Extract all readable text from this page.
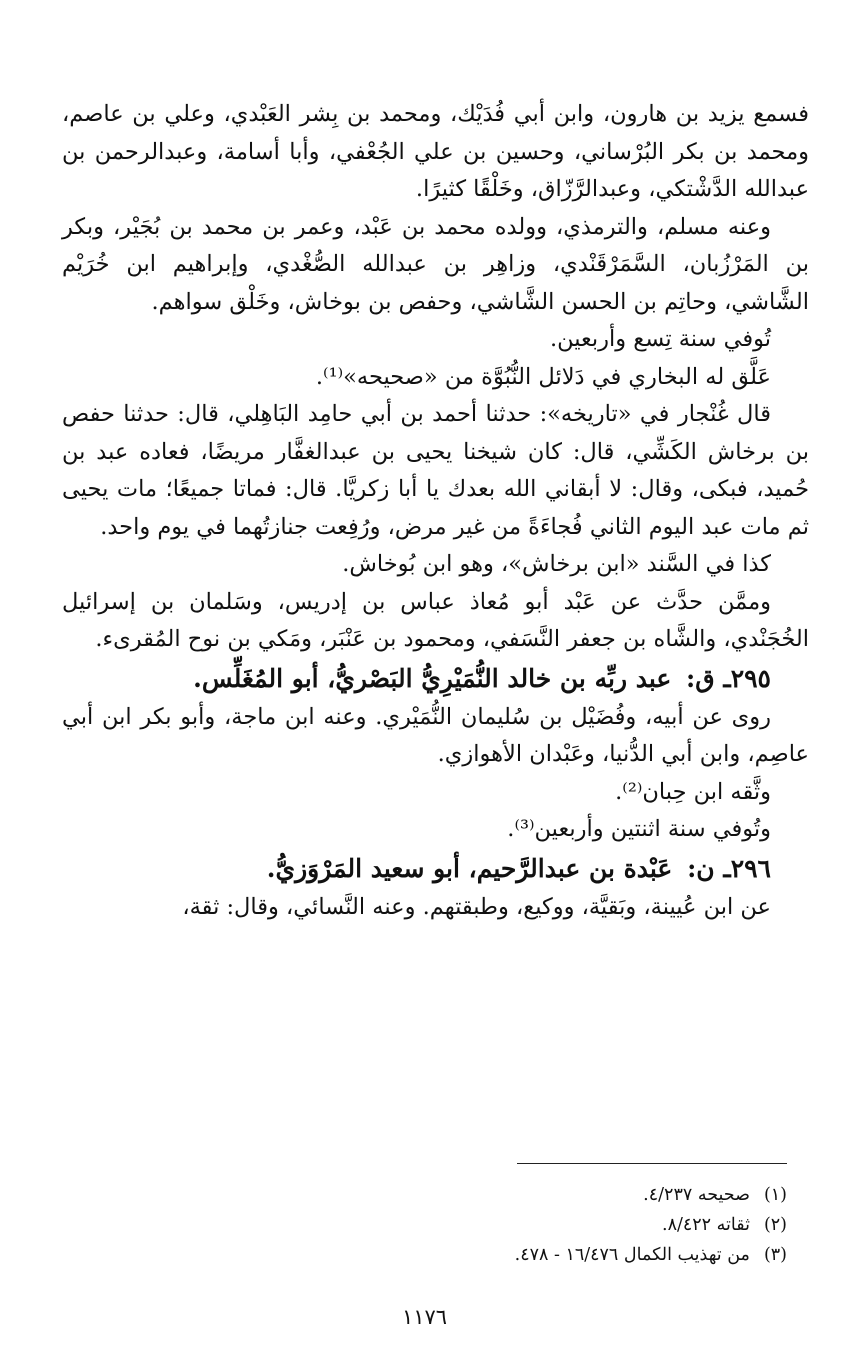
فسمع يزيد بن هارون، وابن أبي فُدَيْك، ومحمد بن بِشر العَبْدي، وعلي بن عاصم، ومحمد بن بكر البُرْساني، وحسين بن علي الجُعْفي، وأبا أسامة، وعبدالرحمن بن عبدالله الدَّشْتكي، وعبدالرَّزّاق، وخَلْقًا كثيرًا.

وعنه مسلم، والترمذي، وولده محمد بن عَبْد، وعمر بن محمد بن بُجَيْر، وبكر بن المَرْزُبان، السَّمَرْقَنْدي، وزاهِر بن عبدالله الصُّغْدي، وإبراهيم ابن خُرَيْم الشَّاشي، وحاتِم بن الحسن الشَّاشي، وحفص بن بوخاش، وخَلْق سواهم.

تُوفي سنة تِسع وأربعين.

عَلَّق له البخاري في دَلائل النُّبُوَّة من «صحيحه»⁽¹⁾.

قال غُنْجار في «تاريخه»: حدثنا أحمد بن أبي حامِد البَاهِلي، قال: حدثنا حفص بن برخاش الكَشِّي، قال: كان شيخنا يحيى بن عبدالغفَّار مريضًا، فعاده عبد بن حُميد، فبكى، وقال: لا أبقاني الله بعدك يا أبا زكريَّا. قال: فماتا جميعًا؛ مات يحيى ثم مات عبد اليوم الثاني فُجاءَةً من غير مرض، ورُفِعت جنازتُهما في يوم واحد.

كذا في السَّند «ابن برخاش»، وهو ابن بُوخاش.

وممَّن حدَّث عن عَبْد أبو مُعاذ عباس بن إدريس، وسَلمان بن إسرائيل الخُجَنْدي، والشَّاه بن جعفر النَّسَفي، ومحمود بن عَنْبَر، ومَكي بن نوح المُقرىء.

٢٩٥ـ ق: عبد ربِّه بن خالد النُّمَيْرِيُّ البَصْريُّ، أبو المُغَلِّس.

روى عن أبيه، وفُضَيْل بن سُليمان النُّمَيْري. وعنه ابن ماجة، وأبو بكر ابن أبي عاصِم، وابن أبي الدُّنيا، وعَبْدان الأهوازي.

وثَّقه ابن حِبان⁽²⁾.

وتُوفي سنة اثنتين وأربعين⁽³⁾.

٢٩٦ـ ن: عَبْدة بن عبدالرَّحيم، أبو سعيد المَرْوَزيُّ.

عن ابن عُيينة، وبَقيَّة، ووكيع، وطبقتهم. وعنه النَّسائي، وقال: ثقة،

(١)
صحيحه ٤/٢٣٧.
(٢)
ثقاته ٨/٤٢٢.
(٣)
من تهذيب الكمال ١٦/٤٧٦ - ٤٧٨.
١١٧٦
